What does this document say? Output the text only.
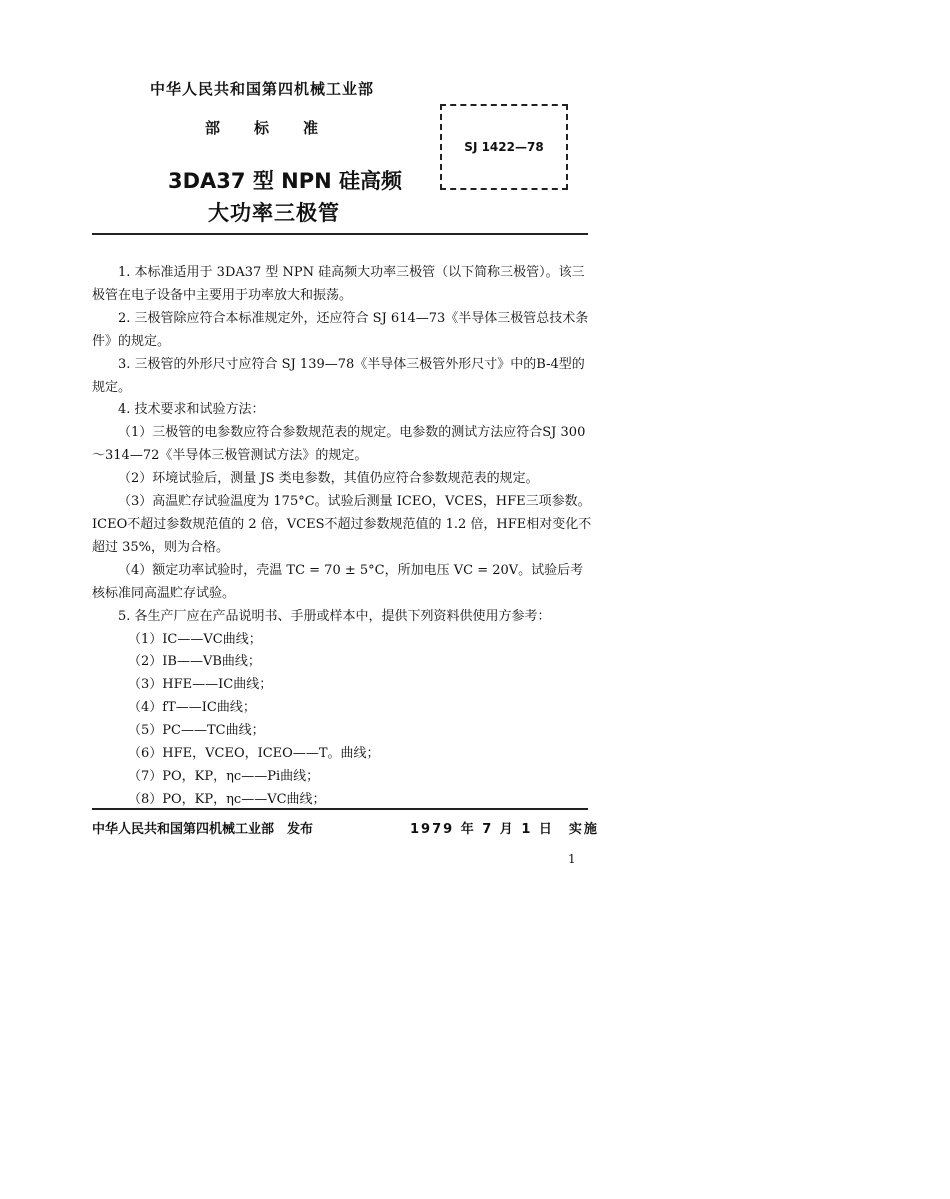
中华人民共和国第四机械工业部
部标准
3DA37 型 NPN 硅高频
大功率三极管
SJ 1422—78

1. 本标准适用于 3DA37 型 NPN 硅高频大功率三极管（以下简称三极管）。该三极管在电子设备中主要用于功率放大和振荡。

2. 三极管除应符合本标准规定外，还应符合 SJ 614—73《半导体三极管总技术条件》的规定。

3. 三极管的外形尺寸应符合 SJ 139—78《半导体三极管外形尺寸》中的B-4型的规定。

4. 技术要求和试验方法：

（1）三极管的电参数应符合参数规范表的规定。电参数的测试方法应符合SJ 300～314—72《半导体三极管测试方法》的规定。

（2）环境试验后，测量 JS 类电参数，其值仍应符合参数规范表的规定。

（3）高温贮存试验温度为 175°C。试验后测量 ICEO，VCES，HFE三项参数。ICEO不超过参数规范值的 2 倍，VCES不超过参数规范值的 1.2 倍，HFE相对变化不超过 35%，则为合格。

（4）额定功率试验时，壳温 TC = 70 ± 5°C，所加电压 VC = 20V。试验后考核标准同高温贮存试验。

5. 各生产厂应在产品说明书、手册或样本中，提供下列资料供使用方参考：

（1）IC——VC曲线；

（2）IB——VB曲线；

（3）HFE——IC曲线；

（4）fT——IC曲线；

（5）PC——TC曲线；

（6）HFE，VCEO，ICEO——T。曲线；

（7）PO，KP，ηc——Pi曲线；

（8）PO，KP，ηc——VC曲线；

中华人民共和国第四机械工业部　发布	1979 年 7 月 1 日　实施
1
